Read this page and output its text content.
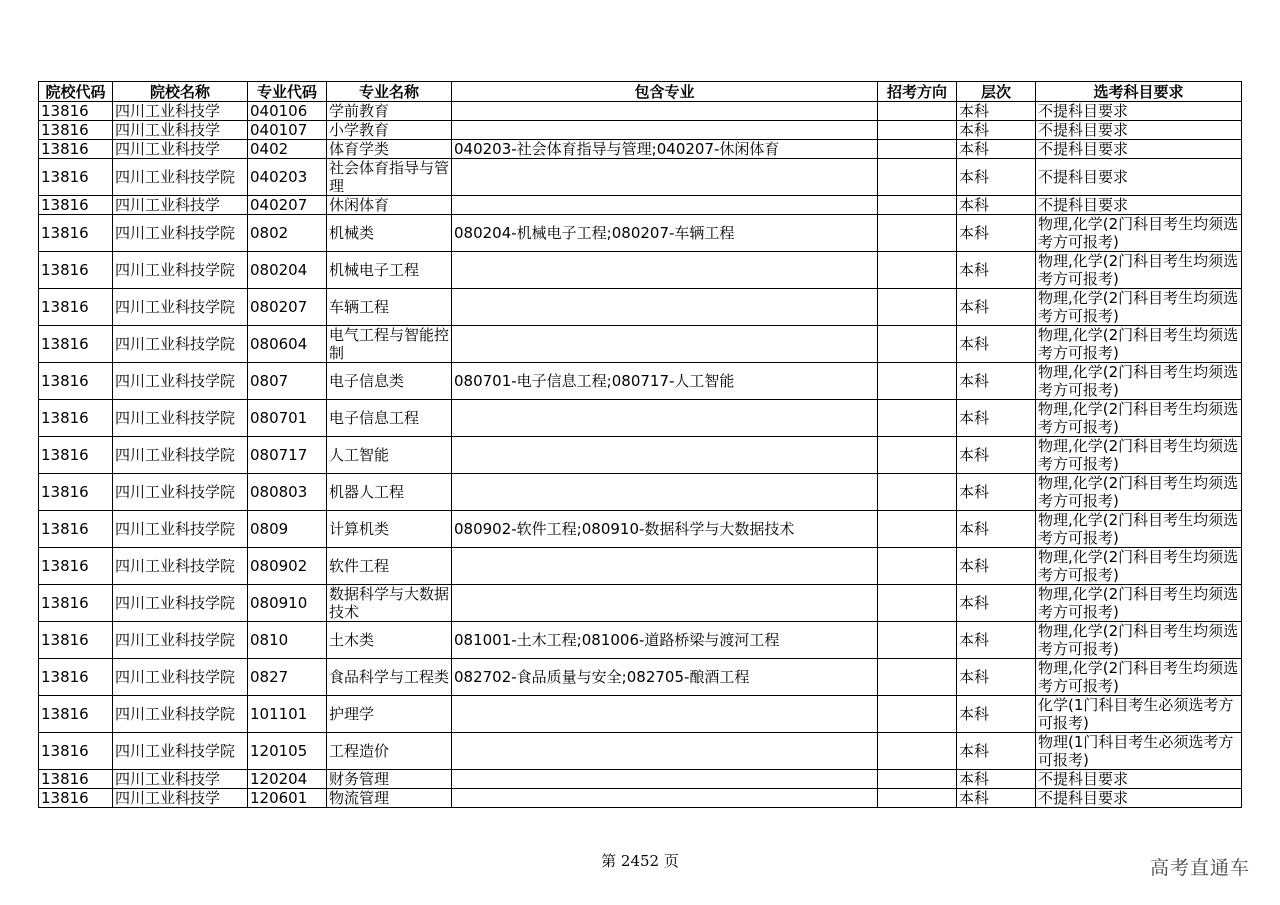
院校代码	院校名称	专业代码	专业名称	包含专业	招考方向	层次	选考科目要求
13816	四川工业科技学	040106	学前教育			本科	不提科目要求
13816	四川工业科技学	040107	小学教育			本科	不提科目要求
13816	四川工业科技学	0402	体育学类	040203-社会体育指导与管理;040207-休闲体育		本科	不提科目要求
13816	四川工业科技学院	040203	社会体育指导与管理			本科	不提科目要求
13816	四川工业科技学	040207	休闲体育			本科	不提科目要求
13816	四川工业科技学院	0802	机械类	080204-机械电子工程;080207-车辆工程		本科	物理,化学(2门科目考生均须选考方可报考)
13816	四川工业科技学院	080204	机械电子工程			本科	物理,化学(2门科目考生均须选考方可报考)
13816	四川工业科技学院	080207	车辆工程			本科	物理,化学(2门科目考生均须选考方可报考)
13816	四川工业科技学院	080604	电气工程与智能控制			本科	物理,化学(2门科目考生均须选考方可报考)
13816	四川工业科技学院	0807	电子信息类	080701-电子信息工程;080717-人工智能		本科	物理,化学(2门科目考生均须选考方可报考)
13816	四川工业科技学院	080701	电子信息工程			本科	物理,化学(2门科目考生均须选考方可报考)
13816	四川工业科技学院	080717	人工智能			本科	物理,化学(2门科目考生均须选考方可报考)
13816	四川工业科技学院	080803	机器人工程			本科	物理,化学(2门科目考生均须选考方可报考)
13816	四川工业科技学院	0809	计算机类	080902-软件工程;080910-数据科学与大数据技术		本科	物理,化学(2门科目考生均须选考方可报考)
13816	四川工业科技学院	080902	软件工程			本科	物理,化学(2门科目考生均须选考方可报考)
13816	四川工业科技学院	080910	数据科学与大数据技术			本科	物理,化学(2门科目考生均须选考方可报考)
13816	四川工业科技学院	0810	土木类	081001-土木工程;081006-道路桥梁与渡河工程		本科	物理,化学(2门科目考生均须选考方可报考)
13816	四川工业科技学院	0827	食品科学与工程类	082702-食品质量与安全;082705-酿酒工程		本科	物理,化学(2门科目考生均须选考方可报考)
13816	四川工业科技学院	101101	护理学			本科	化学(1门科目考生必须选考方可报考)
13816	四川工业科技学院	120105	工程造价			本科	物理(1门科目考生必须选考方可报考)
13816	四川工业科技学	120204	财务管理			本科	不提科目要求
13816	四川工业科技学	120601	物流管理			本科	不提科目要求
第 2452 页	高考直通车
